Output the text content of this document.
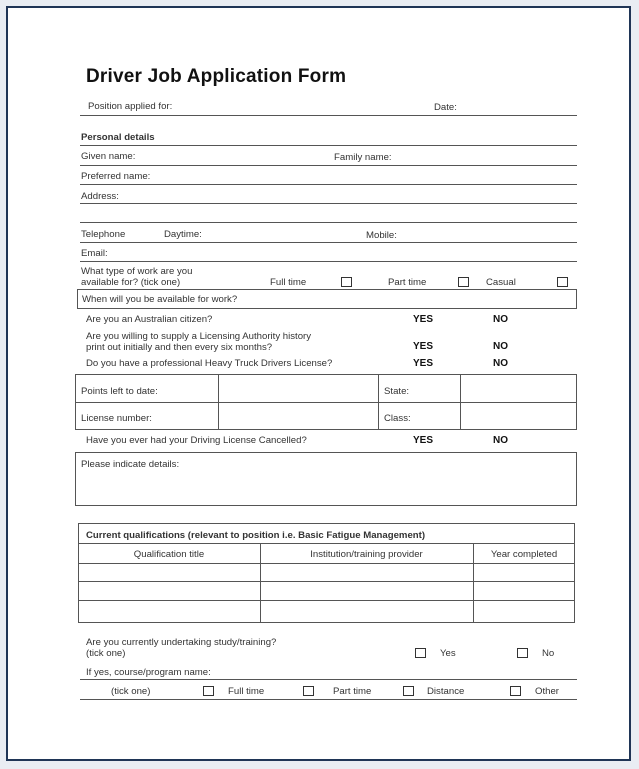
Driver Job Application Form
Position applied for:	Date:
Personal details
Given name:	Family name:
Preferred name:
Address:
Telephone	Daytime:	Mobile:
Email:
What type of work are you
available for? (tick one)	Full time	Part time	Casual
When will you be available for work?
Are you an Australian citizen?	YES	NO
Are you willing to supply a Licensing Authority history
print out initially and then every six months?	YES	NO
Do you have a professional Heavy Truck Drivers License?	YES	NO
Points left to date:	State:
License number:	Class:
Have you ever had your Driving License Cancelled?	YES	NO
Please indicate details:
Current qualifications (relevant to position i.e. Basic Fatigue Management)
Qualification title	Institution/training provider	Year completed
Are you currently undertaking study/training?
(tick one)	Yes	No
If yes, course/program name:
(tick one)	Full time	Part time	Distance	Other
